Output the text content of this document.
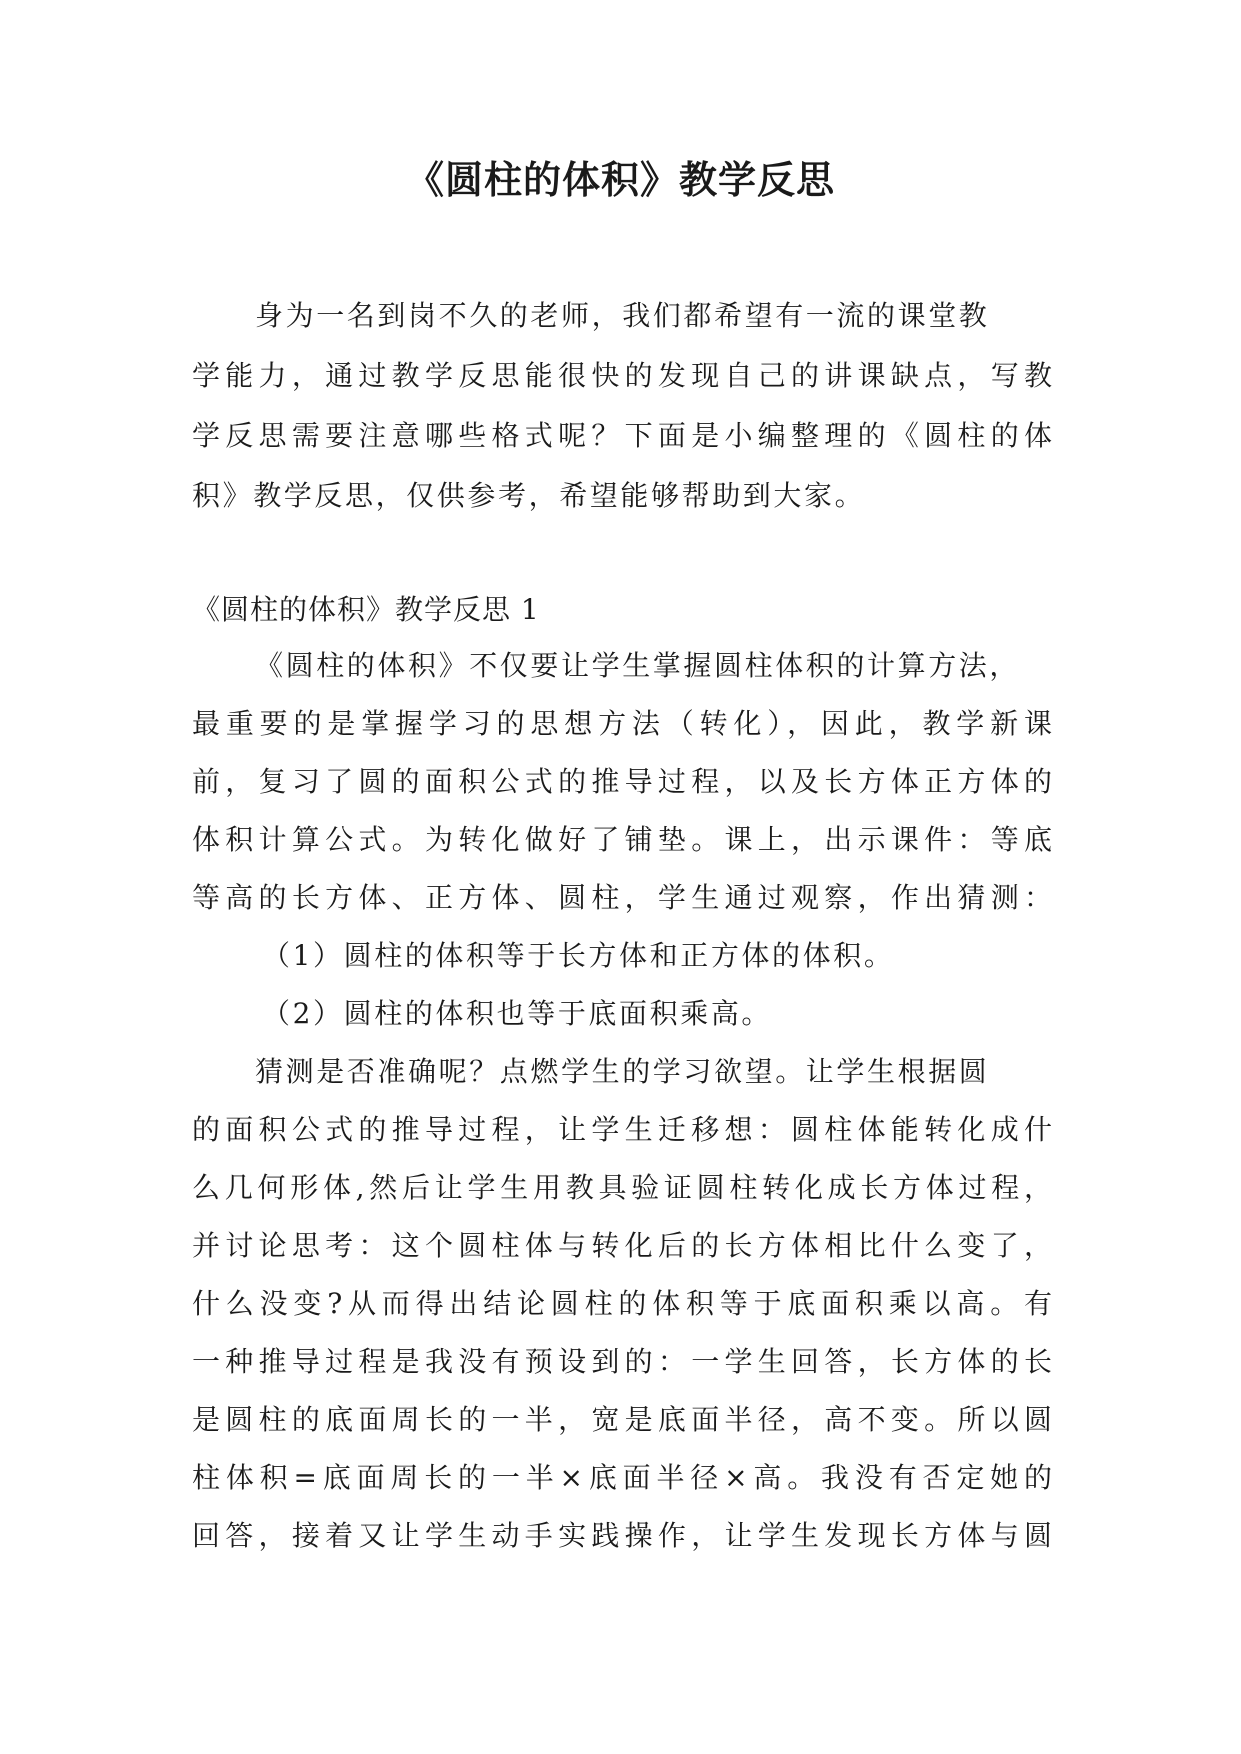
《圆柱的体积》教学反思
身为一名到岗不久的老师，我们都希望有一流的课堂教
学能力，通过教学反思能很快的发现自己的讲课缺点，写教
学反思需要注意哪些格式呢？下面是小编整理的《圆柱的体
积》教学反思，仅供参考，希望能够帮助到大家。
《圆柱的体积》教学反思 1
《圆柱的体积》不仅要让学生掌握圆柱体积的计算方法，
最重要的是掌握学习的思想方法（转化），因此，教学新课
前，复习了圆的面积公式的推导过程，以及长方体正方体的
体积计算公式。为转化做好了铺垫。课上，出示课件：等底
等高的长方体、正方体、圆柱，学生通过观察，作出猜测：
（1）圆柱的体积等于长方体和正方体的体积。
（2）圆柱的体积也等于底面积乘高。
猜测是否准确呢？点燃学生的学习欲望。让学生根据圆
的面积公式的推导过程，让学生迁移想：圆柱体能转化成什
么几何形体,然后让学生用教具验证圆柱转化成长方体过程，
并讨论思考：这个圆柱体与转化后的长方体相比什么变了，
什么没变?从而得出结论圆柱的体积等于底面积乘以高。有
一种推导过程是我没有预设到的：一学生回答，长方体的长
是圆柱的底面周长的一半，宽是底面半径，高不变。所以圆
柱体积=底面周长的一半×底面半径×高。我没有否定她的
回答，接着又让学生动手实践操作，让学生发现长方体与圆
